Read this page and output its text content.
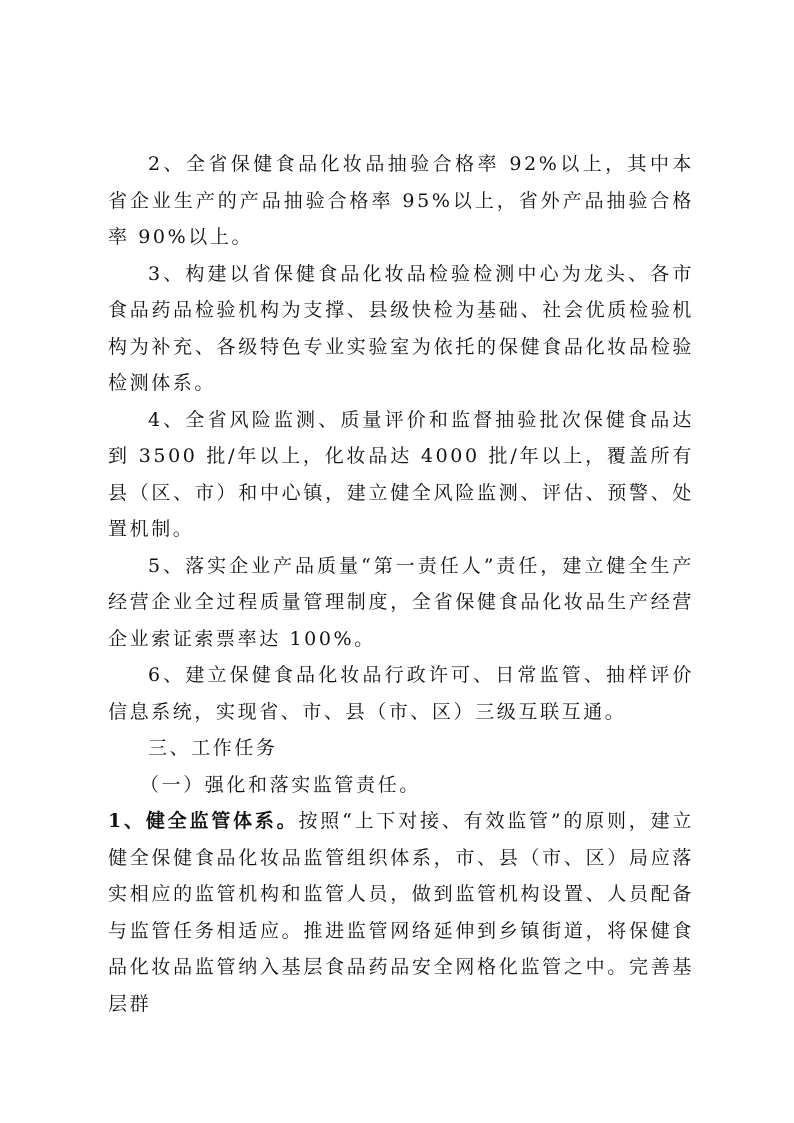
2、全省保健食品化妆品抽验合格率 92%以上，其中本省企业生产的产品抽验合格率 95%以上，省外产品抽验合格率 90%以上。

3、构建以省保健食品化妆品检验检测中心为龙头、各市食品药品检验机构为支撑、县级快检为基础、社会优质检验机构为补充、各级特色专业实验室为依托的保健食品化妆品检验检测体系。

4、全省风险监测、质量评价和监督抽验批次保健食品达到 3500 批/年以上，化妆品达 4000 批/年以上，覆盖所有县（区、市）和中心镇，建立健全风险监测、评估、预警、处置机制。

5、落实企业产品质量“第一责任人”责任，建立健全生产经营企业全过程质量管理制度，全省保健食品化妆品生产经营企业索证索票率达 100%。

6、建立保健食品化妆品行政许可、日常监管、抽样评价信息系统，实现省、市、县（市、区）三级互联互通。

三、工作任务

（一）强化和落实监管责任。

1、健全监管体系。按照“上下对接、有效监管”的原则，建立健全保健食品化妆品监管组织体系，市、县（市、区）局应落实相应的监管机构和监管人员，做到监管机构设置、人员配备与监管任务相适应。推进监管网络延伸到乡镇街道，将保健食品化妆品监管纳入基层食品药品安全网格化监管之中。完善基层群
